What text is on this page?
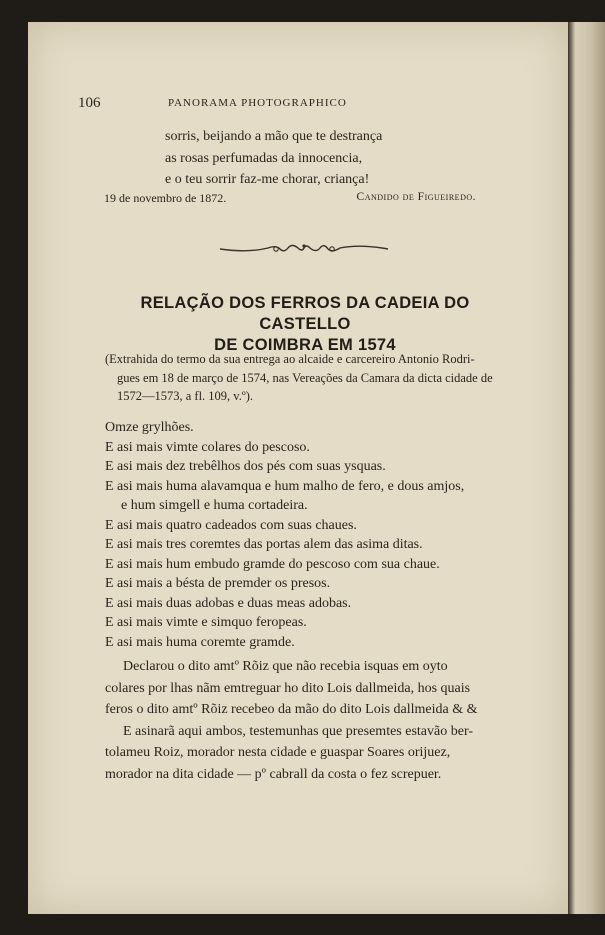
106	PANORAMA PHOTOGRAPHICO
sorris, beijando a mão que te destrança
as rosas perfumadas da innocencia,
e o teu sorrir faz-me chorar, criança!
19 de novembro de 1872.	Candido de Figueiredo.
RELAÇÃO DOS FERROS DA CADEIA DO CASTELLO
DE COIMBRA EM 1574
(Extrahida do termo da sua entrega ao alcaide e carcereiro Antonio Rodri-
gues em 18 de março de 1574, nas Vereações da Camara da dicta cidade de
1572—1573, a fl. 109, v.º).
Omze grylhões.
E asi mais vimte colares do pescoso.
E asi mais dez trebêlhos dos pés com suas ysquas.
E asi mais huma alavamqua e hum malho de fero, e dous amjos,
e hum simgell e huma cortadeira.
E asi mais quatro cadeados com suas chaues.
E asi mais tres coremtes das portas alem das asima ditas.
E asi mais hum embudo gramde do pescoso com sua chaue.
E asi mais a bésta de premder os presos.
E asi mais duas adobas e duas meas adobas.
E asi mais vimte e simquo feropeas.
E asi mais huma coremte gramde.
Declarou o dito amtº Rõiz que não recebia isquas em oyto
colares por lhas nãm emtreguar ho dito Lois dallmeida, hos quais
feros o dito amtº Rõiz recebeo da mão do dito Lois dallmeida & &
E asinarã aqui ambos, testemunhas que presemtes estavão ber-
tolameu Roiz, morador nesta cidade e guaspar Soares orijuez,
morador na dita cidade — pº cabrall da costa o fez screpuer.
